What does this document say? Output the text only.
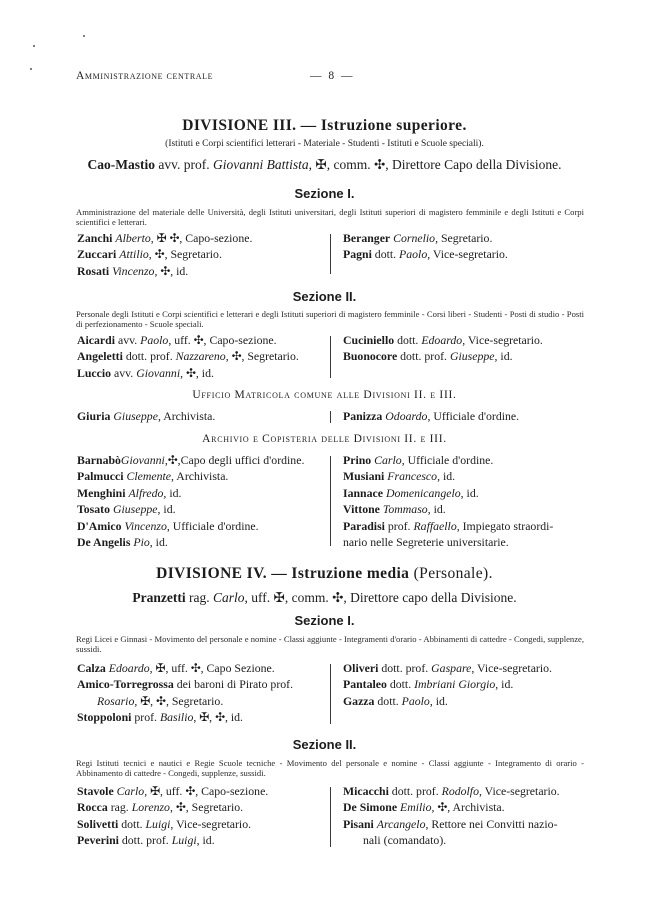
Amministrazione centrale	— 8 —
DIVISIONE III. — Istruzione superiore.
(Istituti e Corpi scientifici letterari - Materiale - Studenti - Istituti e Scuole speciali).
Cao-Mastio avv. prof. Giovanni Battista, ✠, comm. ✣, Direttore Capo della Divisione.
Sezione I.
Amministrazione del materiale delle Università, degli Istituti universitari, degli Istituti superiori di magistero femminile e degli Istituti e Corpi scientifici e letterari.
Zanchi Alberto, ✠ ✣, Capo-sezione.
Zuccari Attilio, ✣, Segretario.
Rosati Vincenzo, ✣, id.
Beranger Cornelio, Segretario.
Pagni dott. Paolo, Vice-segretario.
Sezione II.
Personale degli Istituti e Corpi scientifici e letterari e degli Istituti superiori di magistero femminile - Corsi liberi - Studenti - Posti di studio - Posti di perfezionamento - Scuole speciali.
Aicardi avv. Paolo, uff. ✣, Capo-sezione.
Angeletti dott. prof. Nazzareno, ✣, Segretario.
Luccio avv. Giovanni, ✣, id.
Cuciniello dott. Edoardo, Vice-segretario.
Buonocore dott. prof. Giuseppe, id.
Ufficio Matricola comune alle Divisioni II. e III.
Giuria Giuseppe, Archivista.	Panizza Odoardo, Ufficiale d'ordine.
Archivio e Copisteria delle Divisioni II. e III.
BarnabòGiovanni,✣,Capo degli uffici d'ordine.
Palmucci Clemente, Archivista.
Menghini Alfredo, id.
Tosato Giuseppe, id.
D'Amico Vincenzo, Ufficiale d'ordine.
De Angelis Pio, id.
Prino Carlo, Ufficiale d'ordine.
Musiani Francesco, id.
Iannace Domenicangelo, id.
Vittone Tommaso, id.
Paradisi prof. Raffaello, Impiegato straordi-
nario nelle Segreterie universitarie.
DIVISIONE IV. — Istruzione media (Personale).
Pranzetti rag. Carlo, uff. ✠, comm. ✣, Direttore capo della Divisione.
Sezione I.
Regi Licei e Ginnasi - Movimento del personale e nomine - Classi aggiunte - Integramenti d'orario - Abbinamenti di cattedre - Congedi, supplenze, sussidi.
Calza Edoardo, ✠, uff. ✣, Capo Sezione.
Amico-Torregrossa dei baroni di Pirato prof.
Rosario, ✠, ✣, Segretario.
Stoppoloni prof. Basilio, ✠, ✣, id.
Oliveri dott. prof. Gaspare, Vice-segretario.
Pantaleo dott. Imbriani Giorgio, id.
Gazza dott. Paolo, id.
Sezione II.
Regi Istituti tecnici e nautici e Regie Scuole tecniche - Movimento del personale e nomine - Classi aggiunte - Integramento di orario - Abbinamento di cattedre - Congedi, supplenze, sussidi.
Stavole Carlo, ✠, uff. ✣, Capo-sezione.
Rocca rag. Lorenzo, ✣, Segretario.
Solivetti dott. Luigi, Vice-segretario.
Peverini dott. prof. Luigi, id.
Micacchi dott. prof. Rodolfo, Vice-segretario.
De Simone Emilio, ✣, Archivista.
Pisani Arcangelo, Rettore nei Convitti nazio-
nali (comandato).
